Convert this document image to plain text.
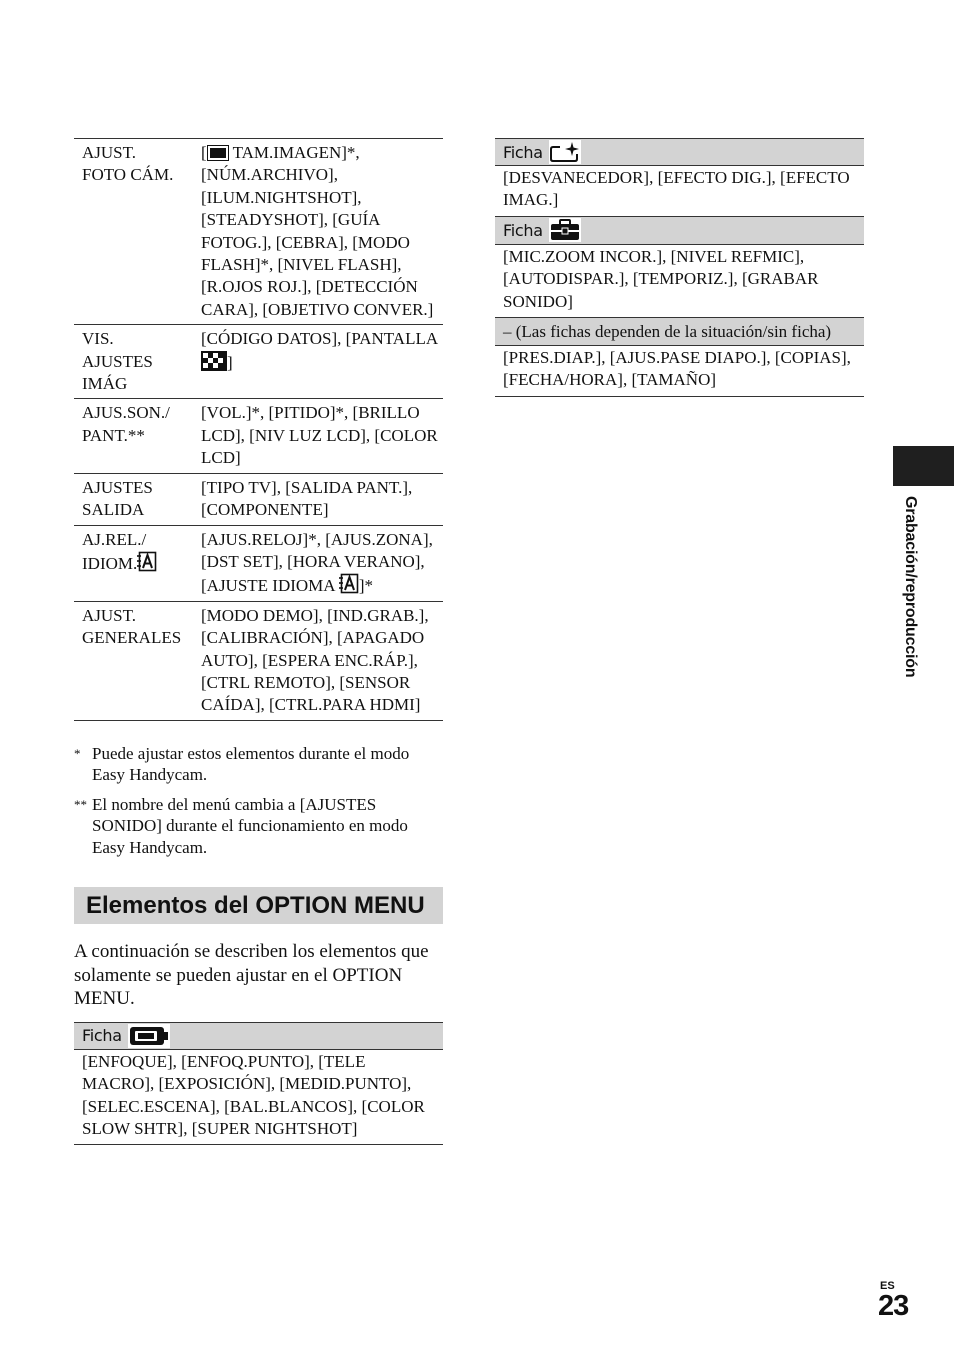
AJUST.
FOTO CÁM.	[ TAM.IMAGEN]*, [NÚM.ARCHIVO], [ILUM.NIGHTSHOT], [STEADYSHOT], [GUÍA FOTOG.], [CEBRA], [MODO FLASH]*, [NIVEL FLASH], [R.OJOS ROJ.], [DETECCIÓN CARA], [OBJETIVO CONVER.]
VIS.
AJUSTES
IMÁG	[CÓDIGO DATOS], [PANTALLA ]
AJUS.SON./
PANT.**	[VOL.]*, [PITIDO]*, [BRILLO LCD], [NIV LUZ LCD], [COLOR LCD]
AJUSTES
SALIDA	[TIPO TV], [SALIDA PANT.], [COMPONENTE]
AJ.REL./
IDIOM.	[AJUS.RELOJ]*, [AJUS.ZONA], [DST SET], [HORA VERANO], [AJUSTE IDIOMA ]*
AJUST.
GENERALES	[MODO DEMO], [IND.GRAB.], [CALIBRACIÓN], [APAGADO AUTO], [ESPERA ENC.RÁP.], [CTRL REMOTO], [SENSOR CAÍDA], [CTRL.PARA HDMI]
* Puede ajustar estos elementos durante el modo Easy Handycam.
** El nombre del menú cambia a [AJUSTES SONIDO] durante el funcionamiento en modo Easy Handycam.
Elementos del OPTION MENU
A continuación se describen los elementos que solamente se pueden ajustar en el OPTION MENU.
Ficha
[ENFOQUE], [ENFOQ.PUNTO], [TELE MACRO], [EXPOSICIÓN], [MEDID.PUNTO], [SELEC.ESCENA], [BAL.BLANCOS], [COLOR SLOW SHTR], [SUPER NIGHTSHOT]
Ficha
[DESVANECEDOR], [EFECTO DIG.], [EFECTO IMAG.]
Ficha
[MIC.ZOOM INCOR.], [NIVEL REFMIC], [AUTODISPAR.], [TEMPORIZ.], [GRABAR SONIDO]
– (Las fichas dependen de la situación/sin ficha)
[PRES.DIAP.], [AJUS.PASE DIAPO.], [COPIAS], [FECHA/HORA], [TAMAÑO]
Grabación/reproducción
ES
23
